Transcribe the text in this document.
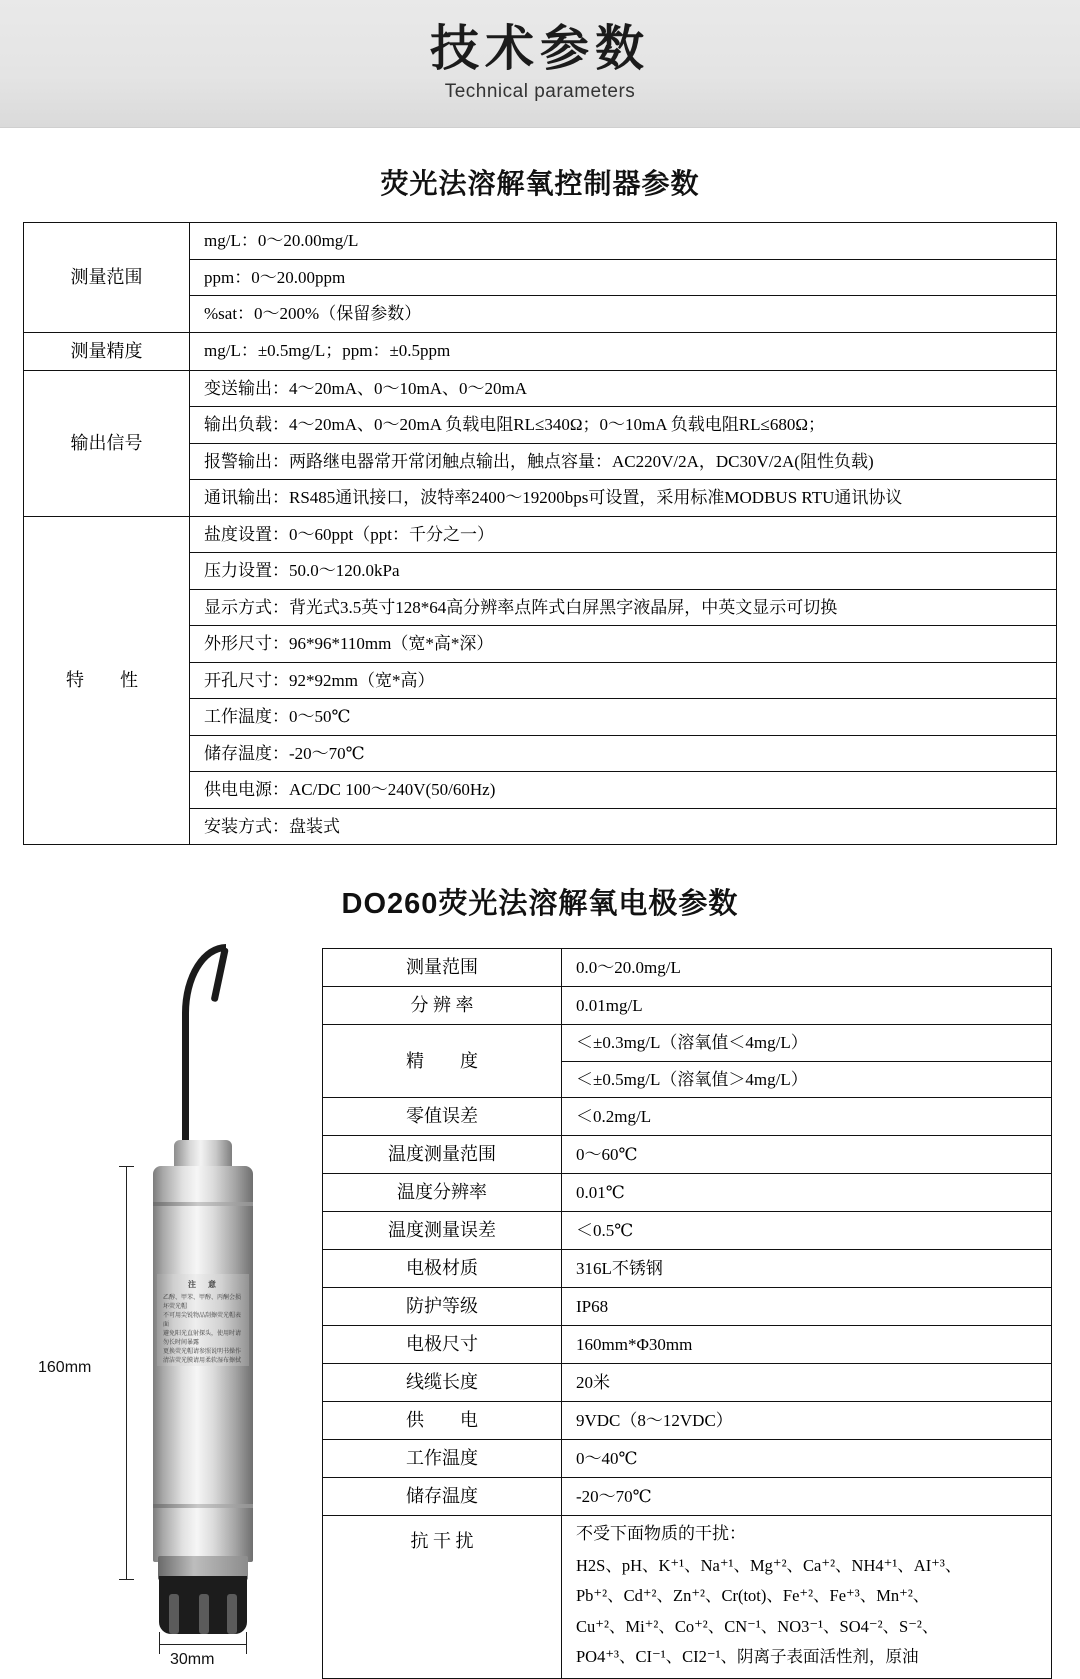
技术参数
Technical parameters
荧光法溶解氧控制器参数
测量范围	mg/L：0～20.00mg/L
	ppm：0～20.00ppm
	%sat：0～200%（保留参数）
测量精度	mg/L：±0.5mg/L；ppm：±0.5ppm
输出信号	变送输出：4～20mA、0～10mA、0～20mA
	输出负载：4～20mA、0～20mA 负载电阻RL≤340Ω；0～10mA 负载电阻RL≤680Ω；
	报警输出：两路继电器常开常闭触点输出，触点容量：AC220V/2A，DC30V/2A(阻性负载)
	通讯输出：RS485通讯接口，波特率2400～19200bps可设置，采用标准MODBUS RTU通讯协议
特　性	盐度设置：0～60ppt（ppt：千分之一）
	压力设置：50.0～120.0kPa
	显示方式：背光式3.5英寸128*64高分辨率点阵式白屏黑字液晶屏，中英文显示可切换
	外形尺寸：96*96*110mm（宽*高*深）
	开孔尺寸：92*92mm（宽*高）
	工作温度：0～50℃
	储存温度：-20～70℃
	供电电源：AC/DC 100～240V(50/60Hz)
	安装方式：盘装式
DO260荧光法溶解氧电极参数
注　意
乙醇、甲苯、甲醇、丙酮会损坏荧光帽
不可用尖锐物品刮擦荧光帽表面
避免阳光直射探头，使用时请勿长时间暴露
更换荧光帽请参照说明书操作
清洁荧光膜请用柔软湿布擦拭
160mm
30mm
测量范围	0.0～20.0mg/L
分 辨 率	0.01mg/L
精　　度	＜±0.3mg/L（溶氧值＜4mg/L）
	＜±0.5mg/L（溶氧值＞4mg/L）
零值误差	＜0.2mg/L
温度测量范围	0～60℃
温度分辨率	0.01℃
温度测量误差	＜0.5℃
电极材质	316L不锈钢
防护等级	IP68
电极尺寸	160mm*Φ30mm
线缆长度	20米
供　　电	9VDC（8～12VDC）
工作温度	0～40℃
储存温度	-20～70℃
抗 干 扰	不受下面物质的干扰：
H2S、pH、K⁺¹、Na⁺¹、Mg⁺²、Ca⁺²、NH4⁺¹、AI⁺³、
Pb⁺²、Cd⁺²、Zn⁺²、Cr(tot)、Fe⁺²、Fe⁺³、Mn⁺²、
Cu⁺²、Mi⁺²、Co⁺²、CN⁻¹、NO3⁻¹、SO4⁻²、S⁻²、
PO4⁺³、CI⁻¹、CI2⁻¹、阴离子表面活性剂，原油
